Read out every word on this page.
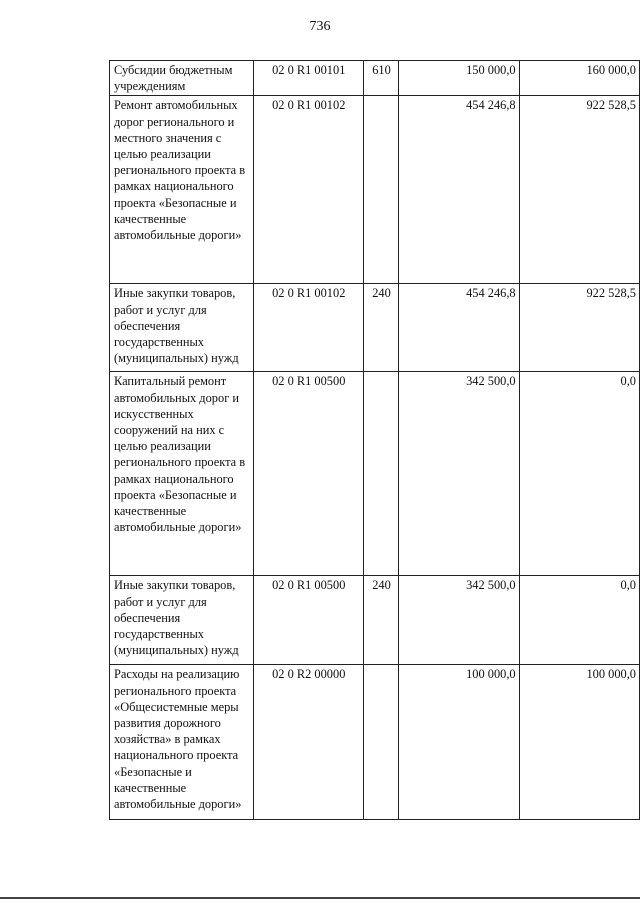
736
Субсидии бюджетным учреждениям	02 0 R1 00101	610	150 000,0	160 000,0
Ремонт автомобильных дорог регионального и местного значения с целью реализации регионального проекта в рамках национального проекта «Безопасные и качественные автомобильные дороги»	02 0 R1 00102		454 246,8	922 528,5
Иные закупки товаров, работ и услуг для обеспечения государственных (муниципальных) нужд	02 0 R1 00102	240	454 246,8	922 528,5
Капитальный ремонт автомобильных дорог и искусственных сооружений на них с целью реализации регионального проекта в рамках национального проекта «Безопасные и качественные автомобильные дороги»	02 0 R1 00500		342 500,0	0,0
Иные закупки товаров, работ и услуг для обеспечения государственных (муниципальных) нужд	02 0 R1 00500	240	342 500,0	0,0
Расходы на реализацию регионального проекта «Общесистемные меры развития дорожного хозяйства» в рамках национального проекта «Безопасные и качественные автомобильные дороги»	02 0 R2 00000		100 000,0	100 000,0
